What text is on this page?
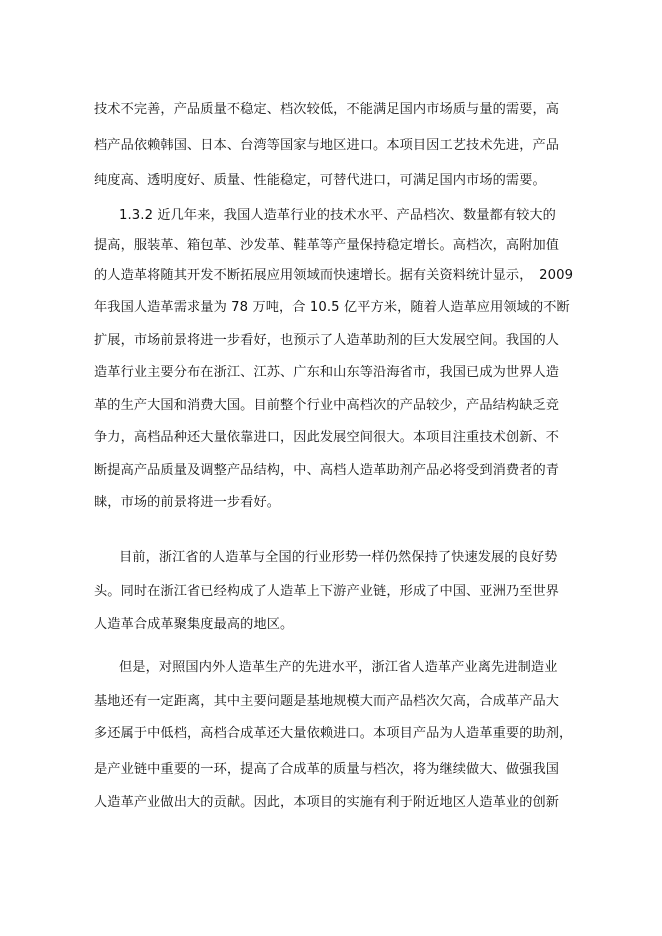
技术不完善，产品质量不稳定、档次较低，不能满足国内市场质与量的需要，高
档产品依赖韩国、日本、台湾等国家与地区进口。本项目因工艺技术先进，产品
纯度高、透明度好、质量、性能稳定，可替代进口，可满足国内市场的需要。
1.3.2 近几年来，我国人造革行业的技术水平、产品档次、数量都有较大的
提高，服装革、箱包革、沙发革、鞋革等产量保持稳定增长。高档次，高附加值
的人造革将随其开发不断拓展应用领域而快速增长。据有关资料统计显示，　2009
年我国人造革需求量为 78 万吨，合 10.5 亿平方米，随着人造革应用领域的不断
扩展，市场前景将进一步看好，也预示了人造革助剂的巨大发展空间。我国的人
造革行业主要分布在浙江、江苏、广东和山东等沿海省市，我国已成为世界人造
革的生产大国和消费大国。目前整个行业中高档次的产品较少，产品结构缺乏竞
争力，高档品种还大量依靠进口，因此发展空间很大。本项目注重技术创新、不
断提高产品质量及调整产品结构，中、高档人造革助剂产品必将受到消费者的青
睐，市场的前景将进一步看好。
目前，浙江省的人造革与全国的行业形势一样仍然保持了快速发展的良好势
头。同时在浙江省已经构成了人造革上下游产业链，形成了中国、亚洲乃至世界
人造革合成革聚集度最高的地区。
但是，对照国内外人造革生产的先进水平，浙江省人造革产业离先进制造业
基地还有一定距离，其中主要问题是基地规模大而产品档次欠高，合成革产品大
多还属于中低档，高档合成革还大量依赖进口。本项目产品为人造革重要的助剂，
是产业链中重要的一环，提高了合成革的质量与档次，将为继续做大、做强我国
人造革产业做出大的贡献。因此，本项目的实施有利于附近地区人造革业的创新
